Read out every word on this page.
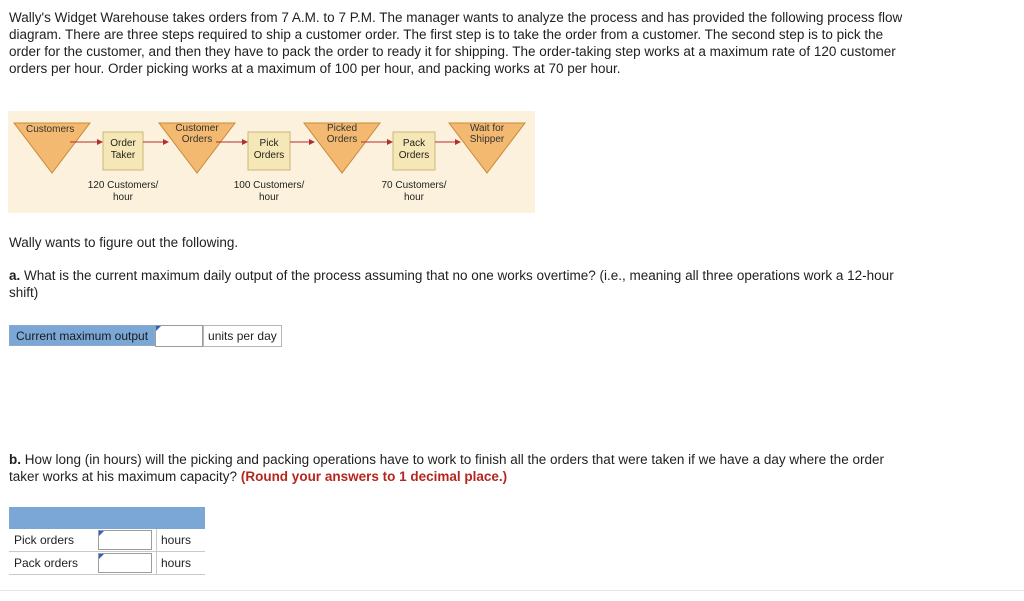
Wally's Widget Warehouse takes orders from 7 A.M. to 7 P.M. The manager wants to analyze the process and has provided the following process flow diagram. There are three steps required to ship a customer order. The first step is to take the order from a customer. The second step is to pick the order for the customer, and then they have to pack the order to ready it for shipping. The order-taking step works at a maximum rate of 120 customer orders per hour. Order picking works at a maximum of 100 per hour, and packing works at 70 per hour.

Customers	Customer
Orders
Picked
Orders
Wait for
Shipper
Order
Taker
Pick
Orders
Pack
Orders
120 Customers/
hour
100 Customers/
hour
70 Customers/
hour

Wally wants to figure out the following.

a. What is the current maximum daily output of the process assuming that no one works overtime? (i.e., meaning all three operations work a 12-hour shift)

Current maximum output	units per day

b. How long (in hours) will the picking and packing operations have to work to finish all the orders that were taken if we have a day where the order taker works at his maximum capacity? (Round your answers to 1 decimal place.)

Pick orders		hours
Pack orders		hours
